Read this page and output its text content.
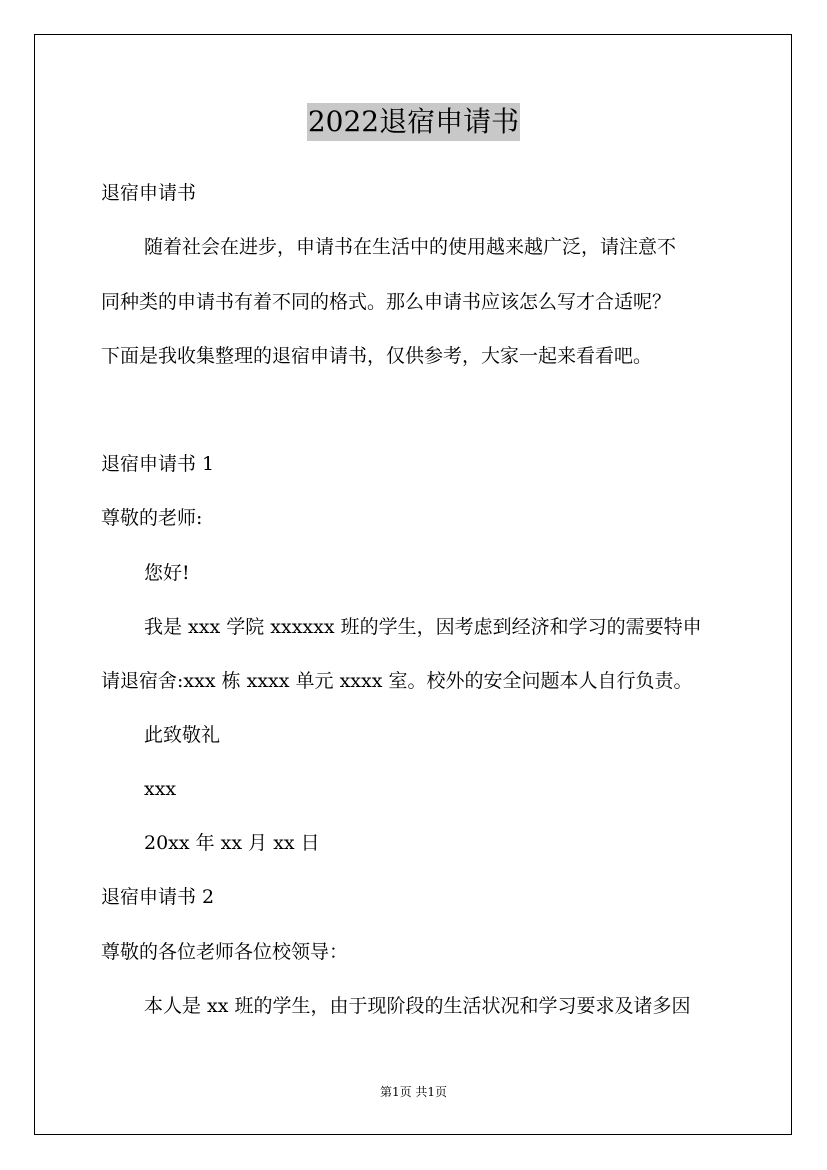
2022退宿申请书
退宿申请书
随着社会在进步，申请书在生活中的使用越来越广泛，请注意不
同种类的申请书有着不同的格式。那么申请书应该怎么写才合适呢？
下面是我收集整理的退宿申请书，仅供参考，大家一起来看看吧。
退宿申请书 1
尊敬的老师:
您好!
我是 xxx 学院 xxxxxx 班的学生，因考虑到经济和学习的需要特申
请退宿舍:xxx 栋 xxxx 单元 xxxx 室。校外的安全问题本人自行负责。
此致敬礼
xxx
20xx 年 xx 月 xx 日
退宿申请书 2
尊敬的各位老师各位校领导：
本人是 xx 班的学生，由于现阶段的生活状况和学习要求及诸多因
第1页 共1页
